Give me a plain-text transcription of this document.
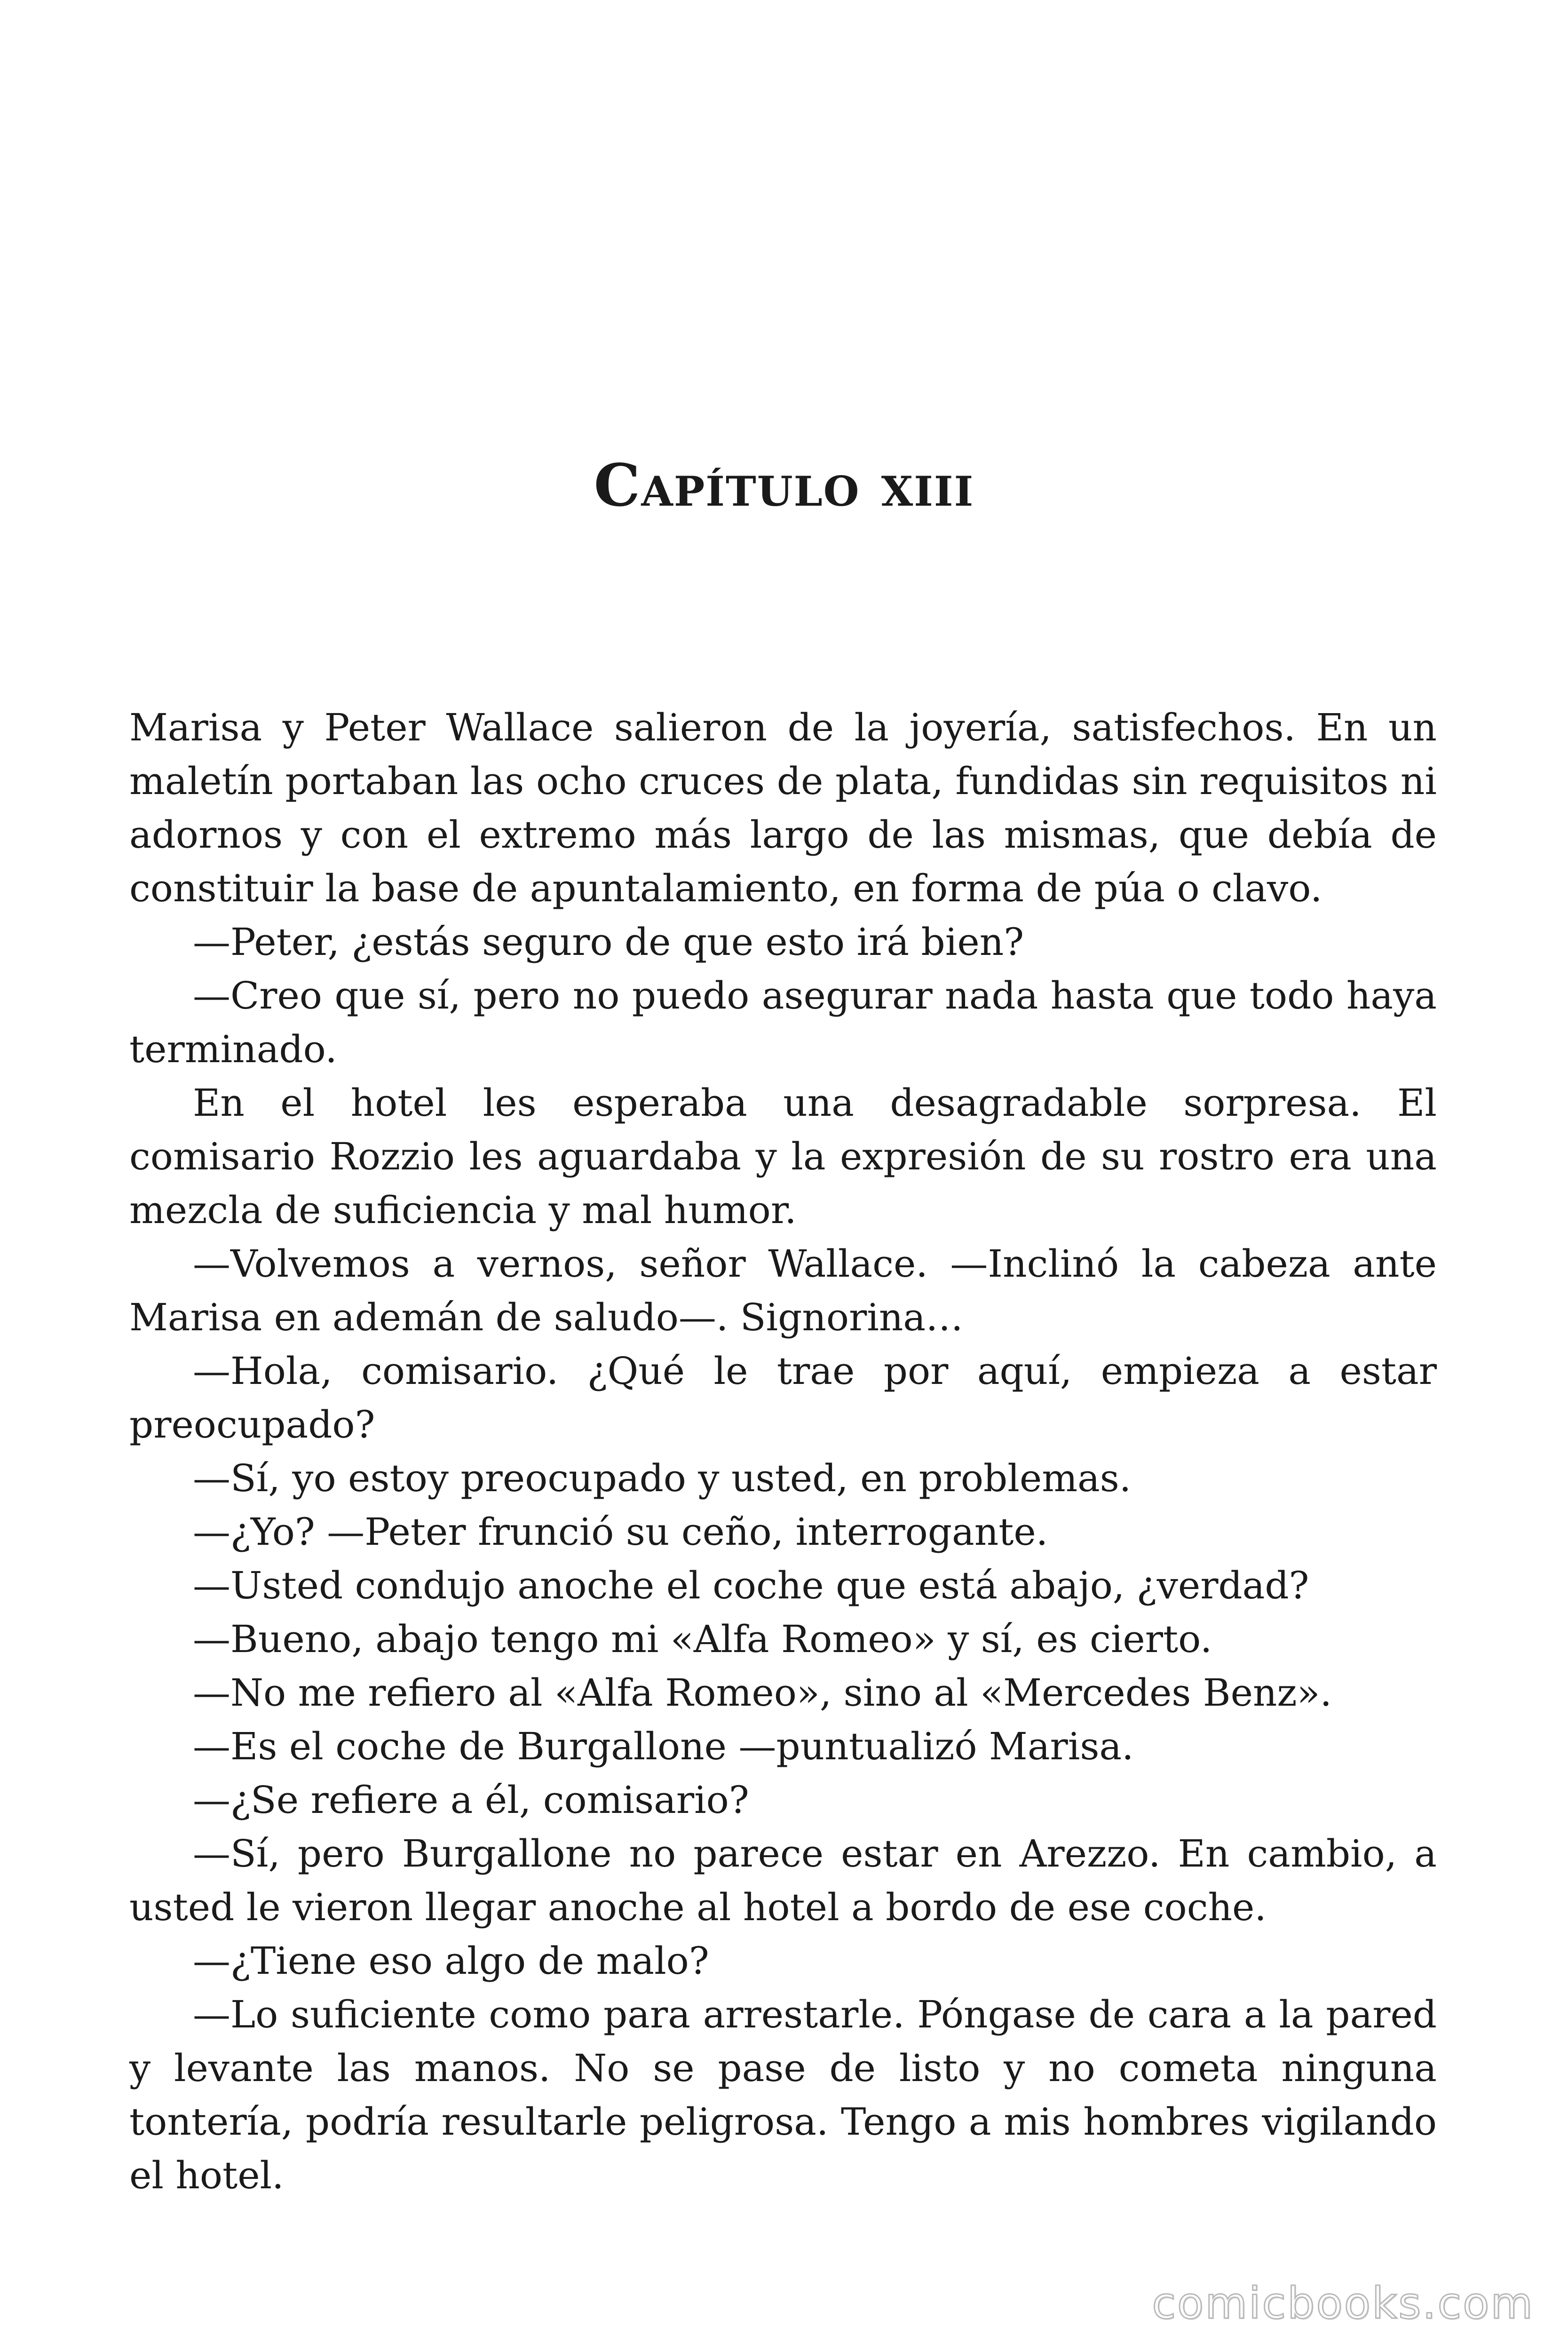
Capítulo xiii

Marisa y Peter Wallace salieron de la joyería, satisfechos. En un maletín portaban las ocho cruces de plata, fundidas sin requisitos ni adornos y con el extremo más largo de las mismas, que debía de constituir la base de apuntalamiento, en forma de púa o clavo.

—Peter, ¿estás seguro de que esto irá bien?

—Creo que sí, pero no puedo asegurar nada hasta que todo haya terminado.

En el hotel les esperaba una desagradable sorpresa. El comisario Rozzio les aguardaba y la expresión de su rostro era una mezcla de suficiencia y mal humor.

—Volvemos a vernos, señor Wallace. —Inclinó la cabeza ante Marisa en ademán de saludo—. Signorina…

—Hola, comisario. ¿Qué le trae por aquí, empieza a estar preocupado?

—Sí, yo estoy preocupado y usted, en problemas.

—¿Yo? —Peter frunció su ceño, interrogante.

—Usted condujo anoche el coche que está abajo, ¿verdad?

—Bueno, abajo tengo mi «Alfa Romeo» y sí, es cierto.

—No me refiero al «Alfa Romeo», sino al «Mercedes Benz».

—Es el coche de Burgallone —puntualizó Marisa.

—¿Se refiere a él, comisario?

—Sí, pero Burgallone no parece estar en Arezzo. En cambio, a usted le vieron llegar anoche al hotel a bordo de ese coche.

—¿Tiene eso algo de malo?

—Lo suficiente como para arrestarle. Póngase de cara a la pared y levante las manos. No se pase de listo y no cometa ninguna tontería, podría resultarle peligrosa. Tengo a mis hombres vigilando el hotel.

comicbooks.com
